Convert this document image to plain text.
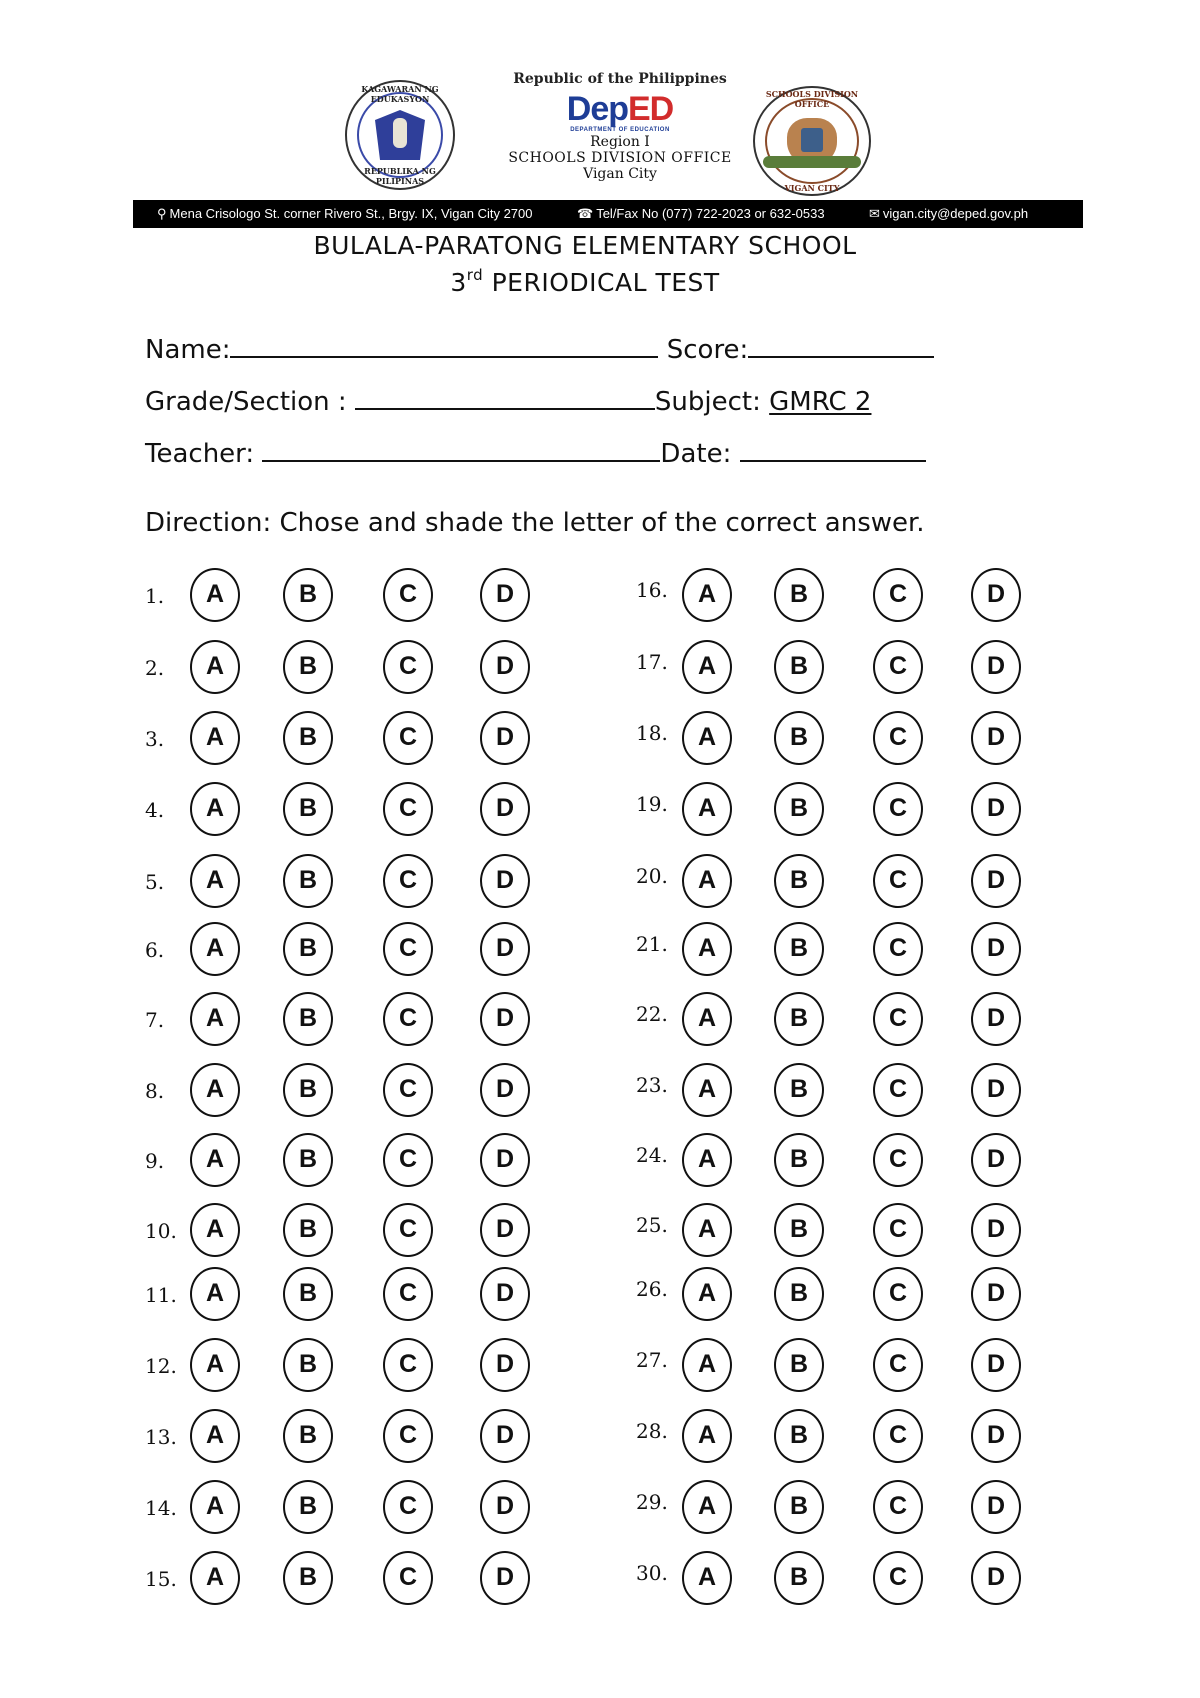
KAGAWARAN NG EDUKASYON
REPUBLIKA NG PILIPINAS
Republic of the Philippines
DepED
DEPARTMENT OF EDUCATION
Region I
SCHOOLS DIVISION OFFICE
Vigan City
SCHOOLS DIVISION OFFICE
VIGAN CITY
⚲ Mena Crisologo St. corner Rivero St., Brgy. IX, Vigan City 2700	☎ Tel/Fax No (077) 722-2023 or 632-0533	✉ vigan.city@deped.gov.ph
BULALA-PARATONG ELEMENTARY SCHOOL
3rd PERIODICAL TEST
Name:	Score:
Grade/Section :	Subject: GMRC 2
Teacher:	Date:
Direction: Chose and shade the letter of the correct answer.
1.	A	B	C	D
2.	A	B	C	D
3.	A	B	C	D
4.	A	B	C	D
5.	A	B	C	D
6.	A	B	C	D
7.	A	B	C	D
8.	A	B	C	D
9.	A	B	C	D
10.	A	B	C	D
11.	A	B	C	D
12.	A	B	C	D
13.	A	B	C	D
14.	A	B	C	D
15.	A	B	C	D
16.	A	B	C	D
17.	A	B	C	D
18.	A	B	C	D
19.	A	B	C	D
20.	A	B	C	D
21.	A	B	C	D
22.	A	B	C	D
23.	A	B	C	D
24.	A	B	C	D
25.	A	B	C	D
26.	A	B	C	D
27.	A	B	C	D
28.	A	B	C	D
29.	A	B	C	D
30.	A	B	C	D
